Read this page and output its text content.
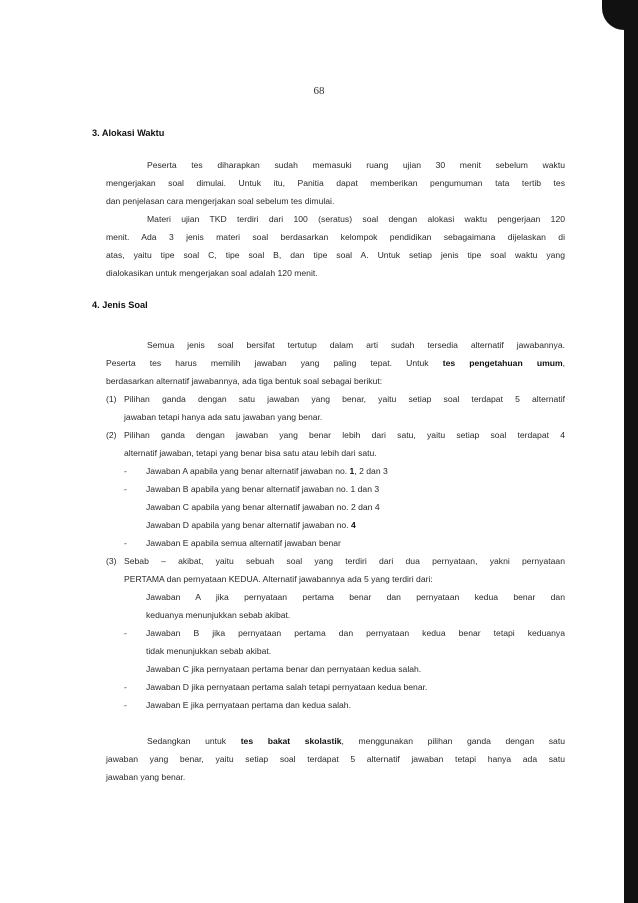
68
3. Alokasi Waktu
Peserta tes diharapkan sudah memasuki ruang ujian 30 menit sebelum waktu
mengerjakan soal dimulai. Untuk itu, Panitia dapat memberikan pengumuman tata tertib tes
dan penjelasan cara mengerjakan soal sebelum tes dimulai.
Materi ujian TKD terdiri dari 100 (seratus) soal dengan alokasi waktu pengerjaan 120
menit. Ada 3 jenis materi soal berdasarkan kelompok pendidikan sebagaimana dijelaskan di
atas, yaitu tipe soal C, tipe soal B, dan tipe soal A. Untuk setiap jenis tipe soal waktu yang
dialokasikan untuk mengerjakan soal adalah 120 menit.
4. Jenis Soal
Semua jenis soal bersifat tertutup dalam arti sudah tersedia alternatif jawabannya.
Peserta tes harus memilih jawaban yang paling tepat. Untuk tes pengetahuan umum,
berdasarkan alternatif jawabannya, ada tiga bentuk soal sebagai berikut:
(1) Pilihan ganda dengan satu jawaban yang benar, yaitu setiap soal terdapat 5 alternatif
jawaban tetapi hanya ada satu jawaban yang benar.
(2) Pilihan ganda dengan jawaban yang benar lebih dari satu, yaitu setiap soal terdapat 4
alternatif jawaban, tetapi yang benar bisa satu atau lebih dari satu.
- Jawaban A apabila yang benar alternatif jawaban no. 1, 2 dan 3
- Jawaban B apabila yang benar alternatif jawaban no. 1 dan 3
Jawaban C apabila yang benar alternatif jawaban no. 2 dan 4
Jawaban D apabila yang benar alternatif jawaban no. 4
- Jawaban E apabila semua alternatif jawaban benar
(3) Sebab – akibat, yaitu sebuah soal yang terdiri dari dua pernyataan, yakni pernyataan
PERTAMA dan pernyataan KEDUA. Alternatif jawabannya ada 5 yang terdiri dari:
Jawaban A jika pernyataan pertama benar dan pernyataan kedua benar dan
keduanya menunjukkan sebab akibat.
- Jawaban B jika pernyataan pertama dan pernyataan kedua benar tetapi keduanya
tidak menunjukkan sebab akibat.
Jawaban C jika pernyataan pertama benar dan pernyataan kedua salah.
- Jawaban D jika pernyataan pertama salah tetapi pernyataan kedua benar.
- Jawaban E jika pernyataan pertama dan kedua salah.
Sedangkan untuk tes bakat skolastik, menggunakan pilihan ganda dengan satu
jawaban yang benar, yaitu setiap soal terdapat 5 alternatif jawaban tetapi hanya ada satu
jawaban yang benar.
